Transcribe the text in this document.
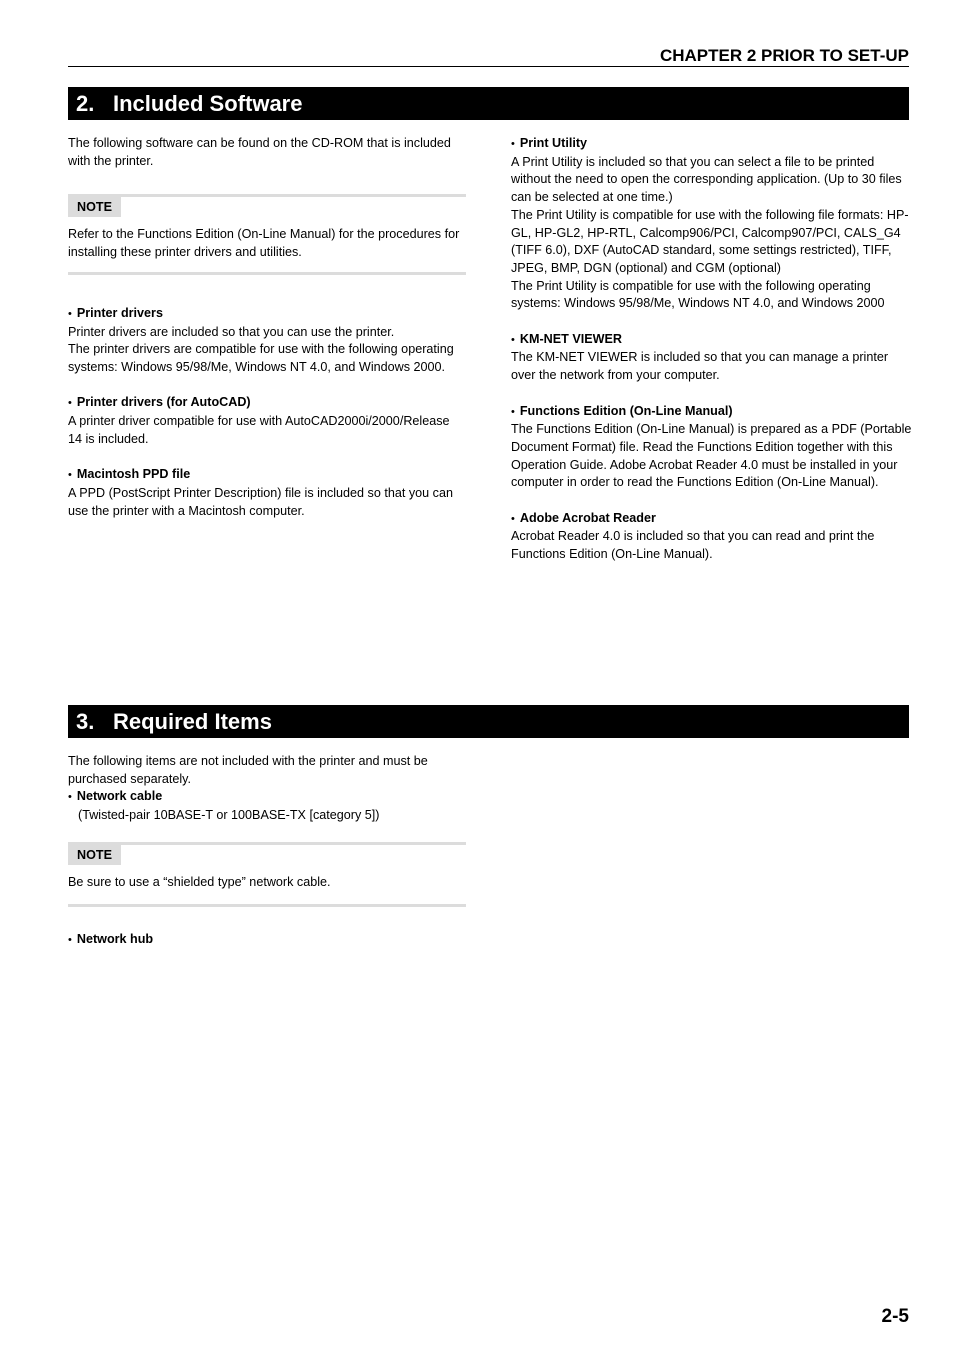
CHAPTER 2 PRIOR TO SET-UP
2. Included Software

The following software can be found on the CD-ROM that is included with the printer.

NOTE

Refer to the Functions Edition (On-Line Manual) for the procedures for installing these printer drivers and utilities.

• Printer drivers

Printer drivers are included so that you can use the printer.

The printer drivers are compatible for use with the following operating systems: Windows 95/98/Me, Windows NT 4.0, and Windows 2000.

• Printer drivers (for AutoCAD)

A printer driver compatible for use with AutoCAD2000i/2000/Release 14 is included.

• Macintosh PPD file

A PPD (PostScript Printer Description) file is included so that you can use the printer with a Macintosh computer.

• Print Utility

A Print Utility is included so that you can select a file to be printed without the need to open the corresponding application. (Up to 30 files can be selected at one time.)

The Print Utility is compatible for use with the following file formats: HP-GL, HP-GL2, HP-RTL, Calcomp906/PCI, Calcomp907/PCI, CALS_G4 (TIFF 6.0), DXF (AutoCAD standard, some settings restricted), TIFF, JPEG, BMP, DGN (optional) and CGM (optional)

The Print Utility is compatible for use with the following operating systems: Windows 95/98/Me, Windows NT 4.0, and Windows 2000

• KM-NET VIEWER

The KM-NET VIEWER is included so that you can manage a printer over the network from your computer.

• Functions Edition (On-Line Manual)

The Functions Edition (On-Line Manual) is prepared as a PDF (Portable Document Format) file. Read the Functions Edition together with this Operation Guide. Adobe Acrobat Reader 4.0 must be installed in your computer in order to read the Functions Edition (On-Line Manual).

• Adobe Acrobat Reader

Acrobat Reader 4.0 is included so that you can read and print the Functions Edition (On-Line Manual).

3. Required Items

The following items are not included with the printer and must be purchased separately.

• Network cable

(Twisted-pair 10BASE-T or 100BASE-TX [category 5])

NOTE

Be sure to use a “shielded type” network cable.

• Network hub

2-5
